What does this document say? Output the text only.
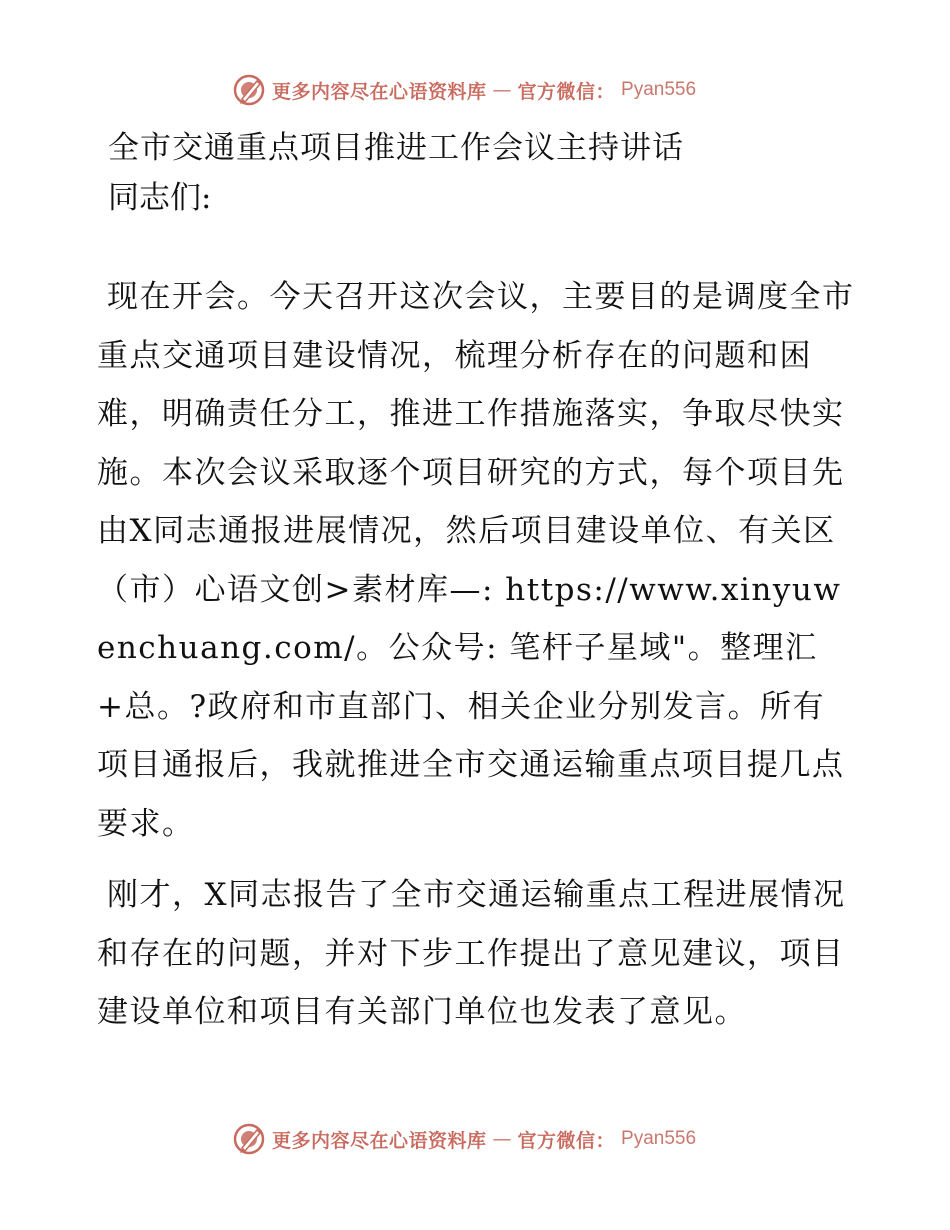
更多内容尽在心语资料库 — 官方微信： Pyan556
全市交通重点项目推进工作会议主持讲话
同志们:

现在开会。今天召开这次会议，主要目的是调度全市重点交通项目建设情况，梳理分析存在的问题和困难，明确责任分工，推进工作措施落实，争取尽快实施。本次会议采取逐个项目研究的方式，每个项目先由X同志通报进展情况，然后项目建设单位、有关区（市）心语文创>素材库—: https://www.xinyuwenchuang.com/。公众号: 笔杆子星域"。整理汇+总。?政府和市直部门、相关企业分别发言。所有项目通报后，我就推进全市交通运输重点项目提几点要求。

刚才，X同志报告了全市交通运输重点工程进展情况和存在的问题，并对下步工作提出了意见建议，项目建设单位和项目有关部门单位也发表了意见。

更多内容尽在心语资料库 — 官方微信： Pyan556
